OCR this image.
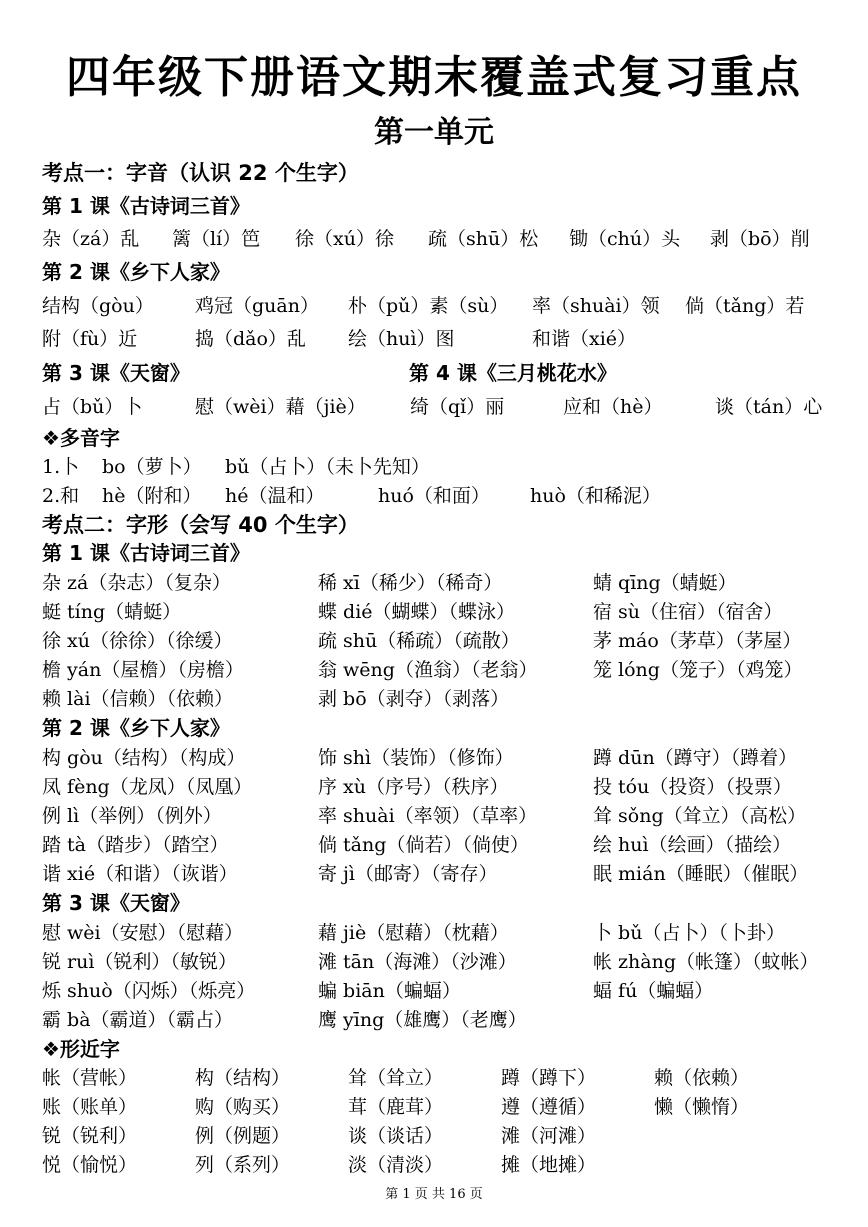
四年级下册语文期末覆盖式复习重点
第一单元
考点一：字音（认识 22 个生字）
第 1 课《古诗词三首》
杂（zá）乱 篱（lí）笆 徐（xú）徐 疏（shū）松 锄（chú）头 剥（bō）削
第 2 课《乡下人家》
结构（gòu） 鸡冠（guān） 朴（pǔ）素（sù） 率（shuài）领 倘（tǎng）若
附（fù）近	捣（dǎo）乱 绘（huì）图	和谐（xié）
第 3 课《天窗》	第 4 课《三月桃花水》
占（bǔ）卜	慰（wèi）藉（jiè） 绮（qǐ）丽	应和（hè）	谈（tán）心
❖多音字
1.卜 bo（萝卜） bǔ（占卜）（未卜先知）
2.和 hè（附和） hé（温和）	huó（和面） huò（和稀泥）
考点二：字形（会写 40 个生字）
第 1 课《古诗词三首》
杂 zá（杂志）（复杂）	稀 xī（稀少）（稀奇）	蜻 qīng（蜻蜓）
蜓 tíng（蜻蜓）	蝶 dié（蝴蝶）（蝶泳）	宿 sù（住宿）（宿舍）
徐 xú（徐徐）（徐缓）	疏 shū（稀疏）（疏散）	茅 máo（茅草）（茅屋）
檐 yán（屋檐）（房檐）	翁 wēng（渔翁）（老翁）	笼 lóng（笼子）（鸡笼）
赖 lài（信赖）（依赖）	剥 bō（剥夺）（剥落）
第 2 课《乡下人家》
构 gòu（结构）（构成）	饰 shì（装饰）（修饰）	蹲 dūn（蹲守）（蹲着）
凤 fèng（龙凤）（凤凰）	序 xù（序号）（秩序）	投 tóu（投资）（投票）
例 lì（举例）（例外）	率 shuài（率领）（草率）	耸 sǒng（耸立）（高松）
踏 tà（踏步）（踏空）	倘 tǎng（倘若）（倘使）	绘 huì（绘画）（描绘）
谐 xié（和谐）（诙谐）	寄 jì（邮寄）（寄存）	眠 mián（睡眠）（催眠）
第 3 课《天窗》
慰 wèi（安慰）（慰藉）	藉 jiè（慰藉）（枕藉）	卜 bǔ（占卜）（卜卦）
锐 ruì（锐利）（敏锐）	滩 tān（海滩）（沙滩）	帐 zhàng（帐篷）（蚊帐）
烁 shuò（闪烁）（烁亮）	蝙 biān（蝙蝠）	蝠 fú（蝙蝠）
霸 bà（霸道）（霸占）	鹰 yīng（雄鹰）（老鹰）
❖形近字
帐（营帐）	构（结构）	耸（耸立）	蹲（蹲下）	赖（依赖）
账（账单）	购（购买）	茸（鹿茸）	遵（遵循）	懒（懒惰）
锐（锐利）	例（例题）	谈（谈话）	滩（河滩）
悦（愉悦）	列（系列）	淡（清淡）	摊（地摊）
第 1 页 共 16 页
